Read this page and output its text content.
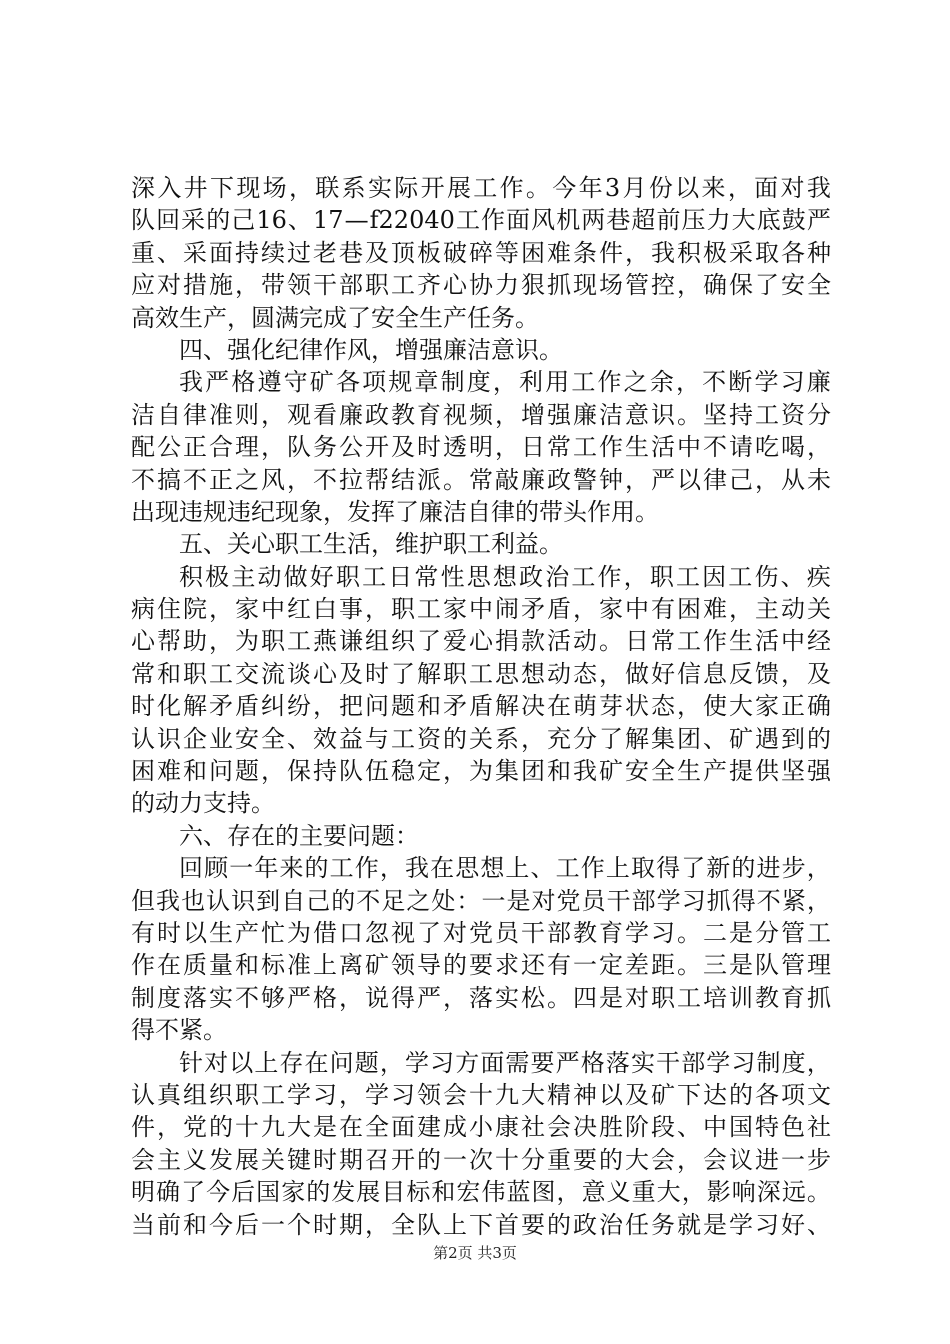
深 入 井 下 现 场 ， 联 系 实 际 开 展 工 作 。 今 年 3 月 份 以 来 ， 面 对 我
队 回 采 的 己 16 、 17 — f22040 工 作 面 风 机 两 巷 超 前 压 力 大 底 鼓 严
重 、 采 面 持 续 过 老 巷 及 顶 板 破 碎 等 困 难 条 件 ， 我 积 极 采 取 各 种
应 对 措 施 ， 带 领 干 部 职 工 齐 心 协 力 狠 抓 现 场 管 控 ， 确 保 了 安 全
高效生产，圆满完成了安全生产任务。
四、强化纪律作风，增强廉洁意识。
我 严 格 遵 守 矿 各 项 规 章 制 度 ， 利 用 工 作 之 余 ， 不 断 学 习 廉
洁 自 律 准 则 ， 观 看 廉 政 教 育 视 频 ， 增 强 廉 洁 意 识 。 坚 持 工 资 分
配 公 正 合 理 ， 队 务 公 开 及 时 透 明 ， 日 常 工 作 生 活 中 不 请 吃 喝 ，
不 搞 不 正 之 风 ， 不 拉 帮 结 派 。 常 敲 廉 政 警 钟 ， 严 以 律 己 ， 从 未
出现违规违纪现象，发挥了廉洁自律的带头作用。
五、关心职工生活，维护职工利益。
积 极 主 动 做 好 职 工 日 常 性 思 想 政 治 工 作 ， 职 工 因 工 伤 、 疾
病 住 院 ， 家 中 红 白 事 ， 职 工 家 中 闹 矛 盾 ， 家 中 有 困 难 ， 主 动 关
心 帮 助 ， 为 职 工 燕 谦 组 织 了 爱 心 捐 款 活 动 。 日 常 工 作 生 活 中 经
常 和 职 工 交 流 谈 心 及 时 了 解 职 工 思 想 动 态 ， 做 好 信 息 反 馈 ， 及
时 化 解 矛 盾 纠 纷 ， 把 问 题 和 矛 盾 解 决 在 萌 芽 状 态 ， 使 大 家 正 确
认 识 企 业 安 全 、 效 益 与 工 资 的 关 系 ， 充 分 了 解 集 团 、 矿 遇 到 的
困 难 和 问 题 ， 保 持 队 伍 稳 定 ， 为 集 团 和 我 矿 安 全 生 产 提 供 坚 强
的动力支持。
六、存在的主要问题：
回 顾 一 年 来 的 工 作 ， 我 在 思 想 上 、 工 作 上 取 得 了 新 的 进 步 ，
但 我 也 认 识 到 自 己 的 不 足 之 处 ： 一 是 对 党 员 干 部 学 习 抓 得 不 紧 ，
有 时 以 生 产 忙 为 借 口 忽 视 了 对 党 员 干 部 教 育 学 习 。 二 是 分 管 工
作 在 质 量 和 标 准 上 离 矿 领 导 的 要 求 还 有 一 定 差 距 。 三 是 队 管 理
制 度 落 实 不 够 严 格 ， 说 得 严 ， 落 实 松 。 四 是 对 职 工 培 训 教 育 抓
得不紧。
针 对 以 上 存 在 问 题 ， 学 习 方 面 需 要 严 格 落 实 干 部 学 习 制 度 ，
认 真 组 织 职 工 学 习 ， 学 习 领 会 十 九 大 精 神 以 及 矿 下 达 的 各 项 文
件 ， 党 的 十 九 大 是 在 全 面 建 成 小 康 社 会 决 胜 阶 段 、 中 国 特 色 社
会 主 义 发 展 关 键 时 期 召 开 的 一 次 十 分 重 要 的 大 会 ， 会 议 进 一 步
明 确 了 今 后 国 家 的 发 展 目 标 和 宏 伟 蓝 图 ， 意 义 重 大 ， 影 响 深 远 。
当 前 和 今 后 一 个 时 期 ， 全 队 上 下 首 要 的 政 治 任 务 就 是 学 习 好 、
第2页 共3页
